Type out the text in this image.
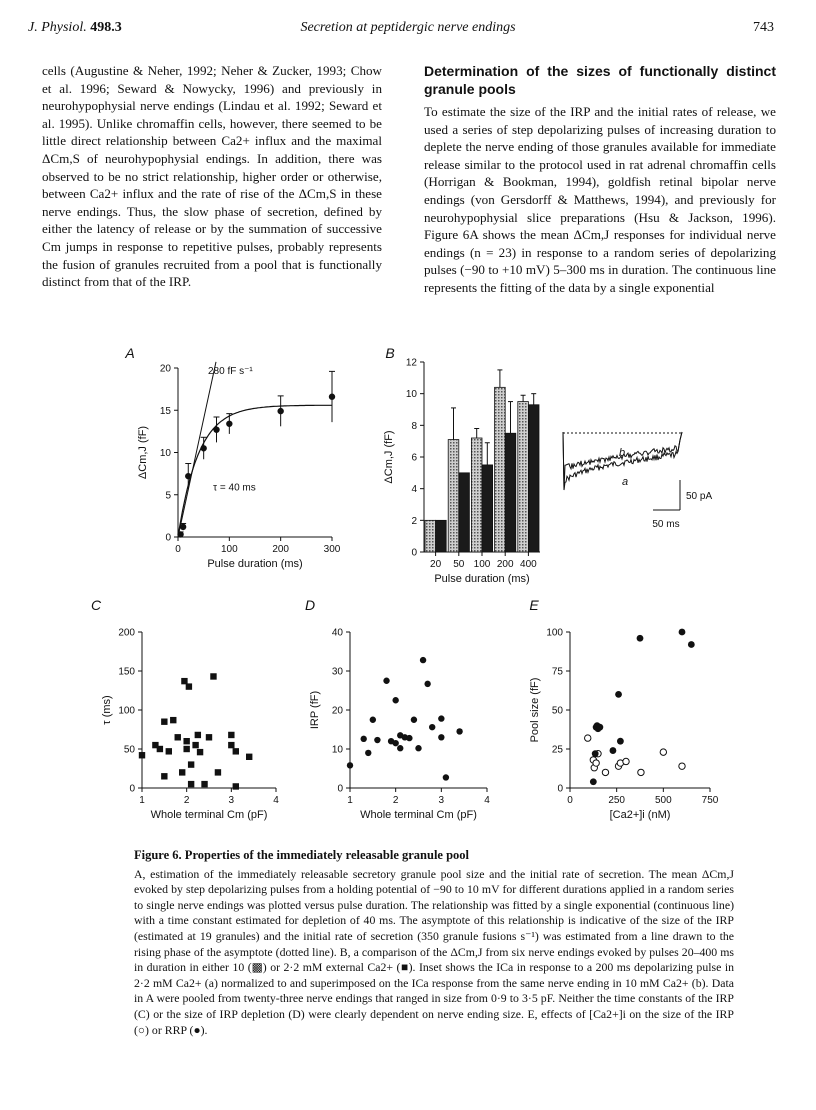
J. Physiol. 498.3	Secretion at peptidergic nerve endings	743

cells (Augustine & Neher, 1992; Neher & Zucker, 1993; Chow et al. 1996; Seward & Nowycky, 1996) and previously in neurohypophysial nerve endings (Lindau et al. 1992; Seward et al. 1995). Unlike chromaffin cells, however, there seemed to be little direct relationship between Ca2+ influx and the maximal ΔCm,S of neurohypophysial endings. In addition, there was observed to be no strict relationship, higher order or otherwise, between Ca2+ influx and the rate of rise of the ΔCm,S in these nerve endings. Thus, the slow phase of secretion, defined by either the latency of release or by the summation of successive Cm jumps in response to repetitive pulses, probably represents the fusion of granules recruited from a pool that is functionally distinct from that of the IRP.

Determination of the sizes of functionally distinct granule pools

To estimate the size of the IRP and the initial rates of release, we used a series of step depolarizing pulses of increasing duration to deplete the nerve ending of those granules available for immediate release similar to the protocol used in rat adrenal chromaffin cells (Horrigan & Bookman, 1994), goldfish retinal bipolar nerve endings (von Gersdorff & Matthews, 1994), and previously for neurohypophysial slice preparations (Hsu & Jackson, 1996). Figure 6A shows the mean ΔCm,J responses for individual nerve endings (n = 23) in response to a random series of depolarizing pulses (−90 to +10 mV) 5–300 ms in duration. The continuous line represents the fitting of the data by a single exponential

A
0	100	200	300
0
5
10
15
20
Pulse duration (ms)
ΔCm,J (fF)
280 fF s⁻¹
τ = 40 ms
B
20 50 100 200 400
0
2
4
6
8
10
12
Pulse duration (ms)
ΔCm,J (fF)	a
b
50 pA
50 ms
C
1	2	3	4
0
50
100
150
200
Whole terminal Cm (pF)
τ (ms)
D
1	2	3	4
0
10
20
30
40
Whole terminal Cm (pF)
IRP (fF)
E
0	250	500	750
0
25
50
75
100
[Ca2+]i (nM)
Pool size (fF)
Figure 6. Properties of the immediately releasable granule pool
A, estimation of the immediately releasable secretory granule pool size and the initial rate of secretion. The mean ΔCm,J evoked by step depolarizing pulses from a holding potential of −90 to 10 mV for different durations applied in a random series to single nerve endings was plotted versus pulse duration. The relationship was fitted by a single exponential (continuous line) with a time constant estimated for depletion of 40 ms. The asymptote of this relationship is indicative of the size of the IRP (estimated at 19 granules) and the initial rate of secretion (350 granule fusions s⁻¹) was estimated from a line drawn to the rising phase of the asymptote (dotted line). B, a comparison of the ΔCm,J from six nerve endings evoked by pulses 20–400 ms in duration in either 10 (▩) or 2·2 mM external Ca2+ (■). Inset shows the ICa in response to a 200 ms depolarizing pulse in 2·2 mM Ca2+ (a) normalized to and superimposed on the ICa response from the same nerve ending in 10 mM Ca2+ (b). Data in A were pooled from twenty-three nerve endings that ranged in size from 0·9 to 3·5 pF. Neither the time constants of the IRP (C) or the size of IRP depletion (D) were clearly dependent on nerve ending size. E, effects of [Ca2+]i on the size of the IRP (○) or RRP (●).
